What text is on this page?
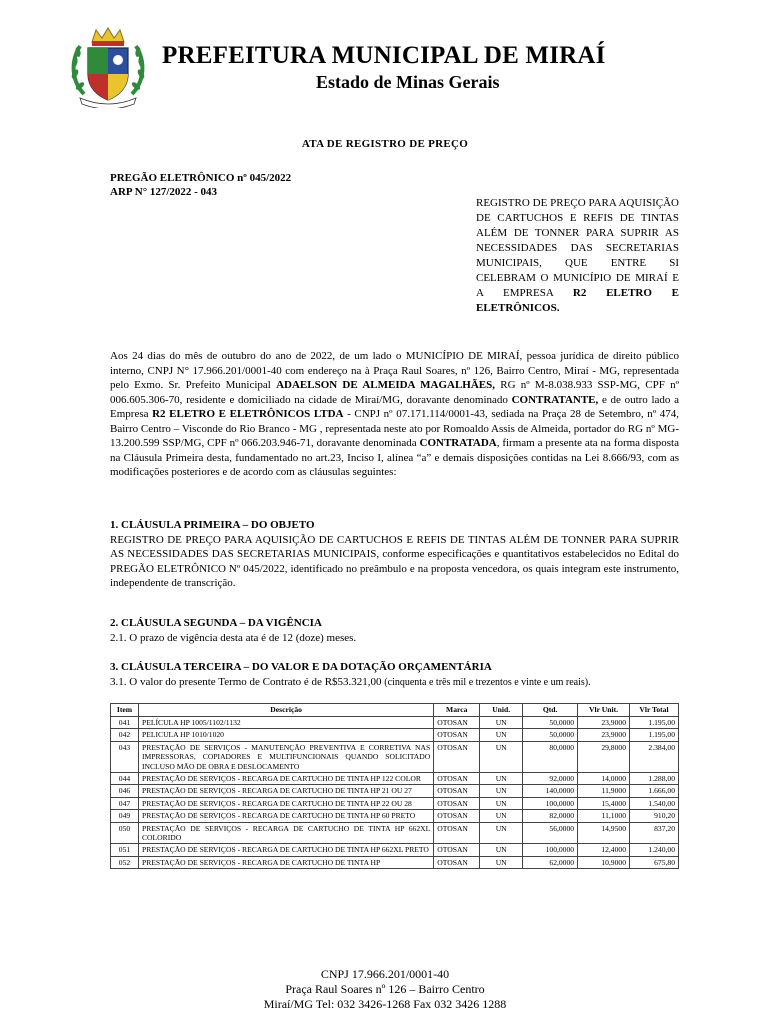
PREFEITURA MUNICIPAL DE MIRAÍ
Estado de Minas Gerais
ATA DE REGISTRO DE PREÇO
PREGÃO ELETRÔNICO nº 045/2022
ARP N° 127/2022 - 043
REGISTRO DE PREÇO PARA AQUISIÇÃO DE CARTUCHOS E REFIS DE TINTAS ALÉM DE TONNER PARA SUPRIR AS NECESSIDADES DAS SECRETARIAS MUNICIPAIS, QUE ENTRE SI CELEBRAM O MUNICÍPIO DE MIRAÍ E A EMPRESA R2 ELETRO E ELETRÔNICOS.
Aos 24 dias do mês de outubro do ano de 2022, de um lado o MUNICÍPIO DE MIRAÍ, pessoa jurídica de direito público interno, CNPJ N° 17.966.201/0001-40 com endereço na à Praça Raul Soares, nº 126, Bairro Centro, Miraí - MG, representada pelo Exmo. Sr. Prefeito Municipal ADAELSON DE ALMEIDA MAGALHÃES, RG nº M-8.038.933 SSP-MG, CPF nº 006.605.306-70, residente e domiciliado na cidade de Miraí/MG, doravante denominado CONTRATANTE, e de outro lado a Empresa R2 ELETRO E ELETRÔNICOS LTDA - CNPJ nº 07.171.114/0001-43, sediada na Praça 28 de Setembro, nº 474, Bairro Centro – Visconde do Rio Branco - MG , representada neste ato por Romoaldo Assis de Almeida, portador do RG nº MG-13.200.599 SSP/MG, CPF nº 066.203.946-71, doravante denominada CONTRATADA, firmam a presente ata na forma disposta na Cláusula Primeira desta, fundamentado no art.23, Inciso I, alínea “a” e demais disposições contidas na Lei 8.666/93, com as modificações posteriores e de acordo com as cláusulas seguintes:
1. CLÁUSULA PRIMEIRA – DO OBJETO
REGISTRO DE PREÇO PARA AQUISIÇÃO DE CARTUCHOS E REFIS DE TINTAS ALÉM DE TONNER PARA SUPRIR AS NECESSIDADES DAS SECRETARIAS MUNICIPAIS, conforme especificações e quantitativos estabelecidos no Edital do PREGÃO ELETRÔNICO Nº 045/2022, identificado no preâmbulo e na proposta vencedora, os quais integram este instrumento, independente de transcrição.
2. CLÁUSULA SEGUNDA – DA VIGÊNCIA
2.1. O prazo de vigência desta ata é de 12 (doze) meses.
3. CLÁUSULA TERCEIRA – DO VALOR E DA DOTAÇÃO ORÇAMENTÁRIA
3.1. O valor do presente Termo de Contrato é de R$53.321,00 (cinquenta e três mil e trezentos e vinte e um reais).
Item	Descrição	Marca	Unid.	Qtd.	Vlr Unit.	Vlr Total
041	PELÍCULA HP 1005/1102/1132	OTOSAN	UN	50,0000	23,9000	1.195,00
042	PELICULA HP 1010/1020	OTOSAN	UN	50,0000	23,9000	1.195,00
043	PRESTAÇÃO DE SERVIÇOS - MANUTENÇÃO PREVENTIVA E CORRETIVA NAS IMPRESSORAS, COPIADORES E MULTIFUNCIONAIS QUANDO SOLICITADO INCLUSO MÃO DE OBRA E DESLOCAMENTO	OTOSAN	UN	80,0000	29,8000	2.384,00
044	PRESTAÇÃO DE SERVIÇOS - RECARGA DE CARTUCHO DE TINTA HP 122 COLOR	OTOSAN	UN	92,0000	14,0000	1.288,00
046	PRESTAÇÃO DE SERVIÇOS - RECARGA DE CARTUCHO DE TINTA HP 21 OU 27	OTOSAN	UN	140,0000	11,9000	1.666,00
047	PRESTAÇÃO DE SERVIÇOS - RECARGA DE CARTUCHO DE TINTA HP 22 OU 28	OTOSAN	UN	100,0000	15,4000	1.540,00
049	PRESTAÇÃO DE SERVIÇOS - RECARGA DE CARTUCHO DE TINTA HP 60 PRETO	OTOSAN	UN	82,0000	11,1000	910,20
050	PRESTAÇÃO DE SERVIÇOS - RECARGA DE CARTUCHO DE TINTA HP 662XL COLORIDO	OTOSAN	UN	56,0000	14,9500	837,20
051	PRESTAÇÃO DE SERVIÇOS - RECARGA DE CARTUCHO DE TINTA HP 662XL PRETO	OTOSAN	UN	100,0000	12,4000	1.240,00
052	PRESTAÇÃO DE SERVIÇOS - RECARGA DE CARTUCHO DE TINTA HP	OTOSAN	UN	62,0000	10,9000	675,80
CNPJ 17.966.201/0001-40
Praça Raul Soares nº 126 – Bairro Centro
Miraí/MG Tel: 032 3426-1268 Fax 032 3426 1288
